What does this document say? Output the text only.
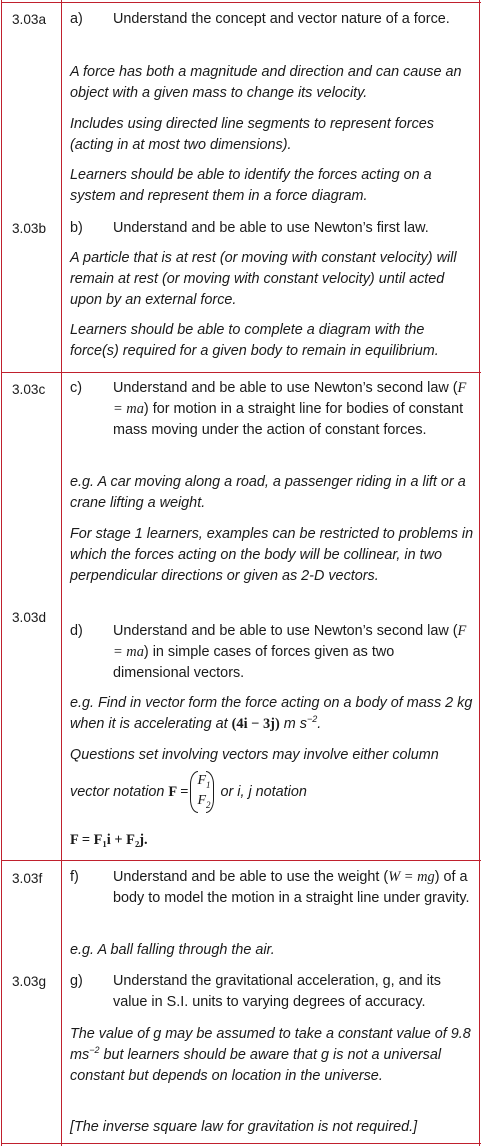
3.03a
3.03b
a) Understand the concept and vector nature of a force.
A force has both a magnitude and direction and can cause an object with a given mass to change its velocity.
Includes using directed line segments to represent forces (acting in at most two dimensions).
Learners should be able to identify the forces acting on a system and represent them in a force diagram.
b) Understand and be able to use Newton’s first law.
A particle that is at rest (or moving with constant velocity) will remain at rest (or moving with constant velocity) until acted upon by an external force.
Learners should be able to complete a diagram with the force(s) required for a given body to remain in equilibrium.
3.03c
3.03d
c) Understand and be able to use Newton’s second law (F = ma) for motion in a straight line for bodies of constant mass moving under the action of constant forces.
e.g. A car moving along a road, a passenger riding in a lift or a crane lifting a weight.
For stage 1 learners, examples can be restricted to problems in which the forces acting on the body will be collinear, in two perpendicular directions or given as 2-D vectors.
d) Understand and be able to use Newton’s second law (F = ma) in simple cases of forces given as two dimensional vectors.
e.g. Find in vector form the force acting on a body of mass 2 kg when it is accelerating at (4i − 3j) m $s^{-2}$.
Questions set involving vectors may involve either column
vector notation F =
$F_1$
$F_2$
or i, j notation
F = F₁i + F₂j.
3.03f
3.03g
f) Understand and be able to use the weight (W = mg) of a body to model the motion in a straight line under gravity.
e.g. A ball falling through the air.
g) Understand the gravitational acceleration, g, and its value in S.I. units to varying degrees of accuracy.
The value of g may be assumed to take a constant value of 9.8 $ms^{-2}$ but learners should be aware that g is not a universal constant but depends on location in the universe.
[The inverse square law for gravitation is not required.]
